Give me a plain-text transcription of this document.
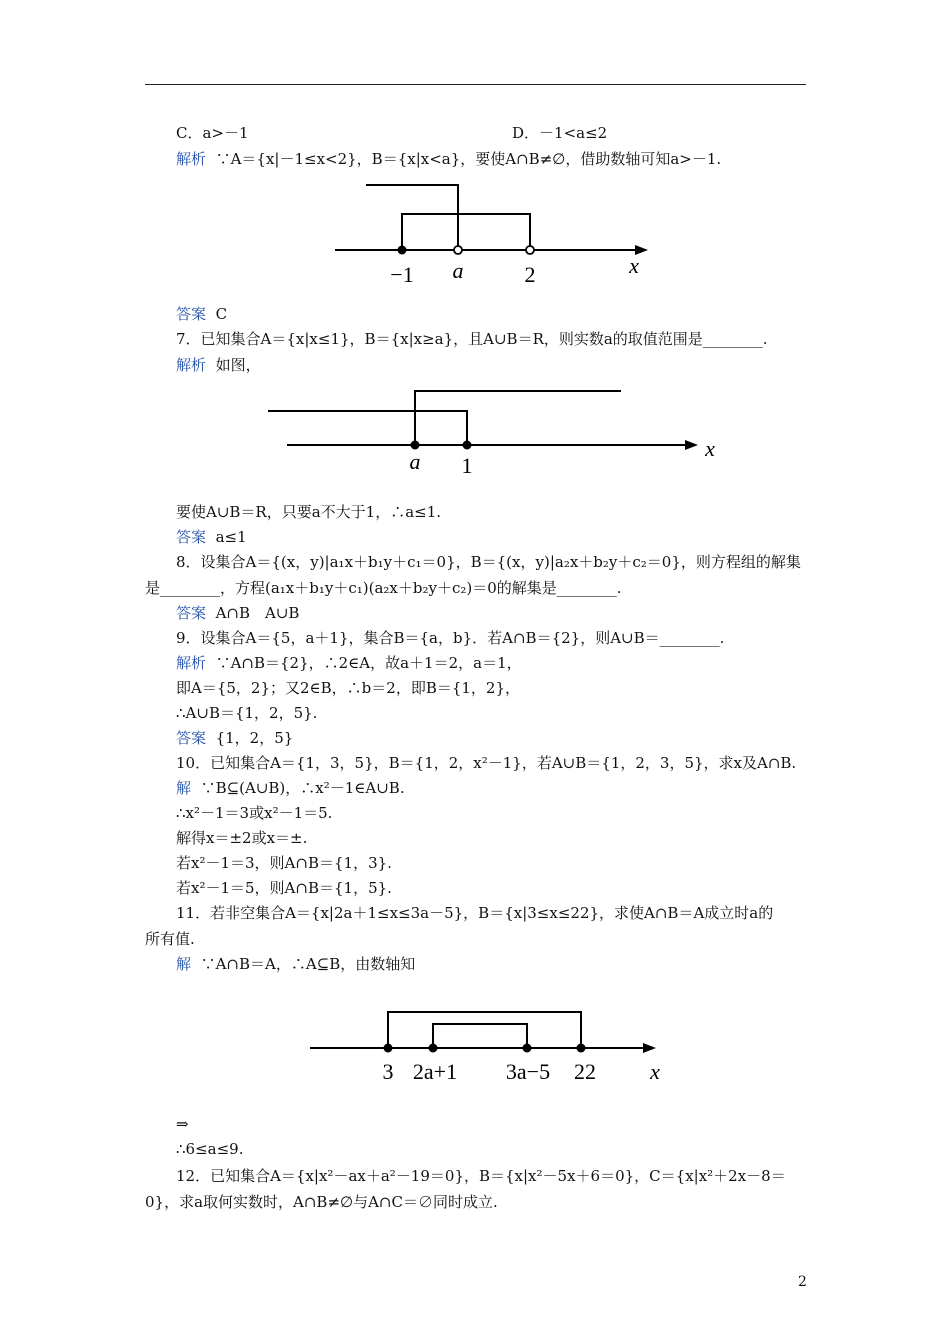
C．a>－1	D．－1<a≤2
解析 ∵A＝{x|－1≤x<2}，B＝{x|x<a}，要使A∩B≠∅，借助数轴可知a>－1.
−1 a	2	x
答案 C
7．已知集合A＝{x|x≤1}，B＝{x|x≥a}，且A∪B＝R，则实数a的取值范围是________.
解析 如图，
a 1
x
要使A∪B＝R，只要a不大于1，∴a≤1.
答案 a≤1
8．设集合A＝{(x，y)|a₁x＋b₁y＋c₁＝0}，B＝{(x，y)|a₂x＋b₂y＋c₂＝0}，则方程组的解集
是________，方程(a₁x＋b₁y＋c₁)(a₂x＋b₂y＋c₂)＝0的解集是________.
答案 A∩B　A∪B
9．设集合A＝{5，a＋1}，集合B＝{a，b}．若A∩B＝{2}，则A∪B＝________.
解析 ∵A∩B＝{2}，∴2∈A，故a＋1＝2，a＝1，
即A＝{5，2}；又2∈B，∴b＝2，即B＝{1，2}，
∴A∪B＝{1，2，5}.
答案 {1，2，5}
10．已知集合A＝{1，3，5}，B＝{1，2，x²－1}，若A∪B＝{1，2，3，5}，求x及A∩B.
解 ∵B⊆(A∪B)，∴x²－1∈A∪B.
∴x²－1＝3或x²－1＝5.
解得x＝±2或x＝±.
若x²－1＝3，则A∩B＝{1，3}.
若x²－1＝5，则A∩B＝{1，5}.
11．若非空集合A＝{x|2a＋1≤x≤3a－5}，B＝{x|3≤x≤22}，求使A∩B＝A成立时a的
所有值.
解 ∵A∩B＝A，∴A⊆B，由数轴知
3 2a+1 3a−5 22 x
⇒
∴6≤a≤9.
12．已知集合A＝{x|x²－ax＋a²－19＝0}，B＝{x|x²－5x＋6＝0}，C＝{x|x²＋2x－8＝
0}，求a取何实数时，A∩B≠∅与A∩C＝∅同时成立.
2
